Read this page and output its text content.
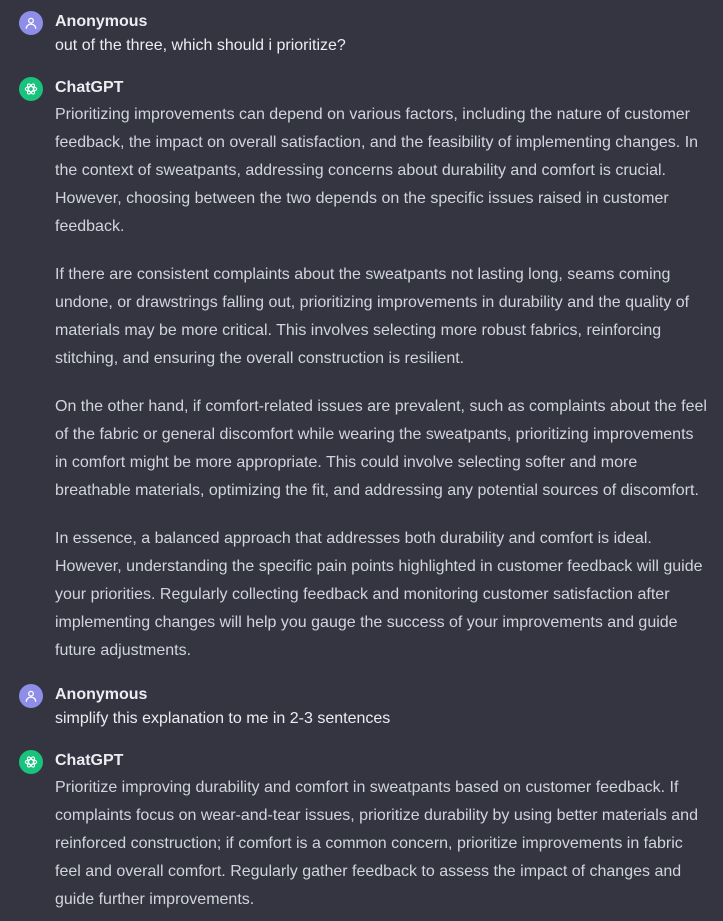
Anonymous

out of the three, which should i prioritize?

ChatGPT

Prioritizing improvements can depend on various factors, including the nature of customer feedback, the impact on overall satisfaction, and the feasibility of implementing changes. In the context of sweatpants, addressing concerns about durability and comfort is crucial. However, choosing between the two depends on the specific issues raised in customer feedback.

If there are consistent complaints about the sweatpants not lasting long, seams coming undone, or drawstrings falling out, prioritizing improvements in durability and the quality of materials may be more critical. This involves selecting more robust fabrics, reinforcing stitching, and ensuring the overall construction is resilient.

On the other hand, if comfort-related issues are prevalent, such as complaints about the feel of the fabric or general discomfort while wearing the sweatpants, prioritizing improvements in comfort might be more appropriate. This could involve selecting softer and more breathable materials, optimizing the fit, and addressing any potential sources of discomfort.

In essence, a balanced approach that addresses both durability and comfort is ideal. However, understanding the specific pain points highlighted in customer feedback will guide your priorities. Regularly collecting feedback and monitoring customer satisfaction after implementing changes will help you gauge the success of your improvements and guide future adjustments.

Anonymous

simplify this explanation to me in 2-3 sentences

ChatGPT

Prioritize improving durability and comfort in sweatpants based on customer feedback. If complaints focus on wear-and-tear issues, prioritize durability by using better materials and reinforced construction; if comfort is a common concern, prioritize improvements in fabric feel and overall comfort. Regularly gather feedback to assess the impact of changes and guide further improvements.
